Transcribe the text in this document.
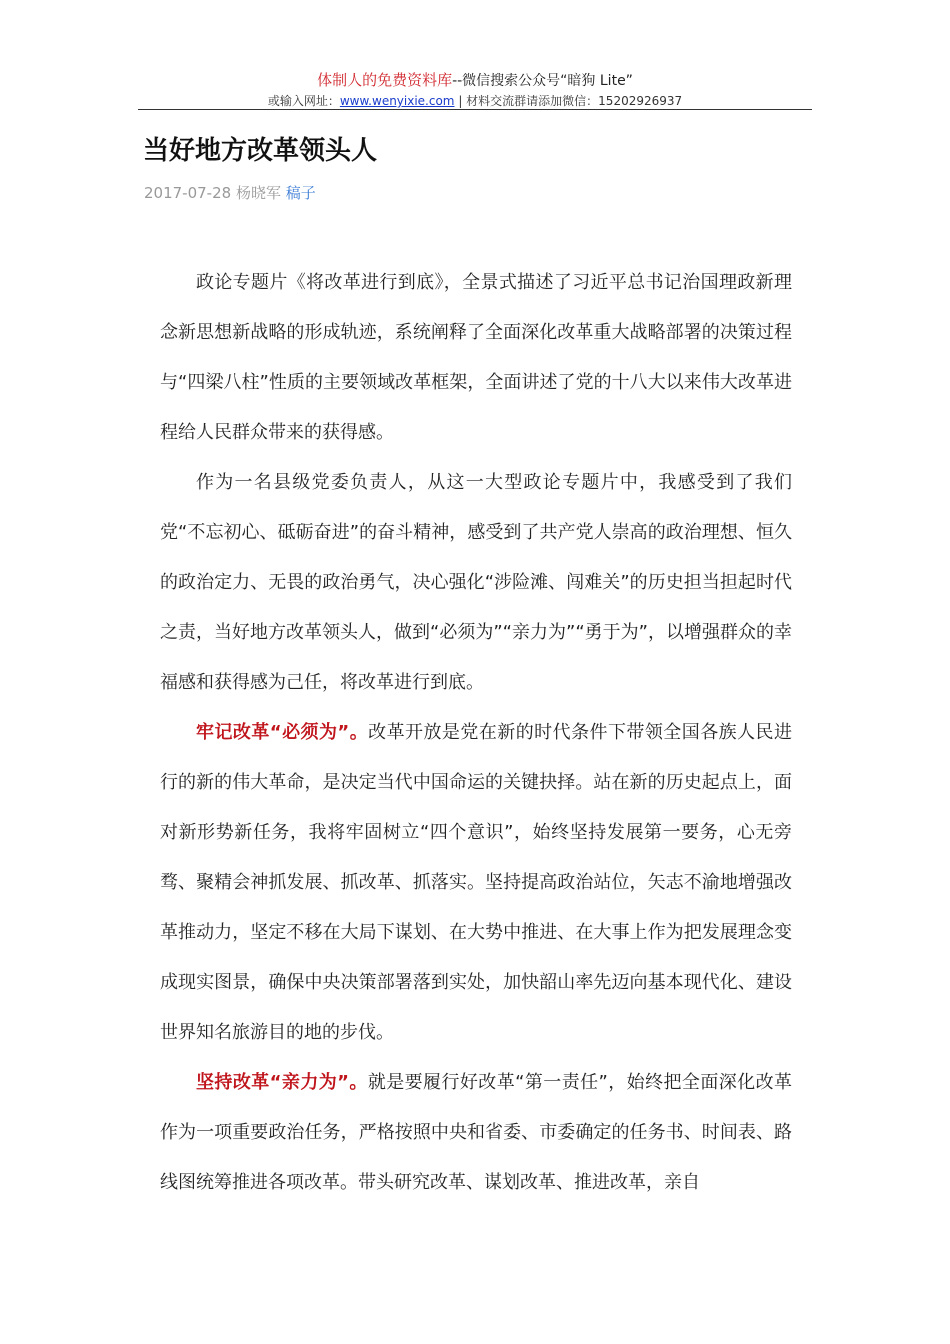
体制人的免费资料库--微信搜索公众号“暗狗 Lite”
或输入网址：www.wenyixie.com | 材料交流群请添加微信：15202926937
当好地方改革领头人
2017-07-28 杨晓军 稿子

政论专题片《将改革进行到底》，全景式描述了习近平总书记治国理政新理念新思想新战略的形成轨迹，系统阐释了全面深化改革重大战略部署的决策过程与“四梁八柱”性质的主要领域改革框架，全面讲述了党的十八大以来伟大改革进程给人民群众带来的获得感。

作为一名县级党委负责人，从这一大型政论专题片中，我感受到了我们党“不忘初心、砥砺奋进”的奋斗精神，感受到了共产党人崇高的政治理想、恒久的政治定力、无畏的政治勇气，决心强化“涉险滩、闯难关”的历史担当担起时代之责，当好地方改革领头人，做到“必须为”“亲力为”“勇于为”，以增强群众的幸福感和获得感为己任，将改革进行到底。

牢记改革“必须为”。改革开放是党在新的时代条件下带领全国各族人民进行的新的伟大革命，是决定当代中国命运的关键抉择。站在新的历史起点上，面对新形势新任务，我将牢固树立“四个意识”，始终坚持发展第一要务，心无旁骛、聚精会神抓发展、抓改革、抓落实。坚持提高政治站位，矢志不渝地增强改革推动力，坚定不移在大局下谋划、在大势中推进、在大事上作为把发展理念变成现实图景，确保中央决策部署落到实处，加快韶山率先迈向基本现代化、建设世界知名旅游目的地的步伐。

坚持改革“亲力为”。就是要履行好改革“第一责任”，始终把全面深化改革作为一项重要政治任务，严格按照中央和省委、市委确定的任务书、时间表、路线图统筹推进各项改革。带头研究改革、谋划改革、推进改革，亲自
